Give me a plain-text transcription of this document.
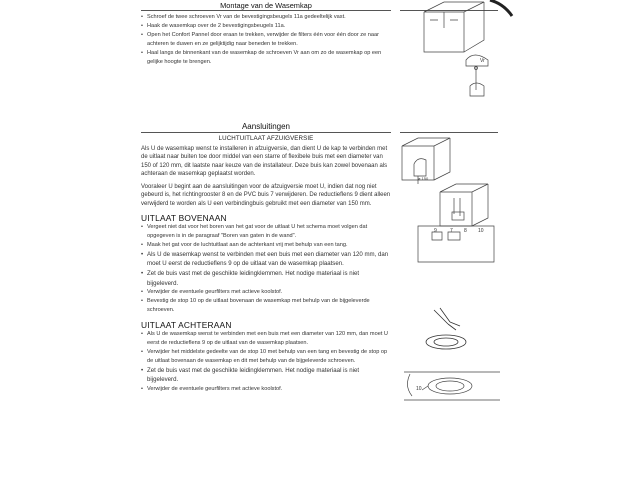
Montage van de Wasemkap
• Schroef de twee schroeven Vr van de bevestigingsbeugels 11a gedeeltelijk vast.
• Haak de wasemkap over de 2 bevestigingsbeugels 11a.
• Open het Confort Pannel door eraan te trekken, verwijder de filters één voor één door ze naar achteren te duwen en ze gelijktijdig naar beneden te trekken.
• Haal langs de binnenkant van de wasemkap de schroeven Vr aan om zo de wasemkap op een gelijke hoogte te brengen.
Aansluitingen

LUCHTUITLAAT AFZUIGVERSIE

Als U de wasemkap wenst te installeren in afzuigversie, dan dient U de kap te verbinden met de uitlaat naar buiten toe door middel van een starre of flexibele buis met een diameter van 150 of 120 mm, dit laatste naar keuze van de installateur. Deze buis kan zowel bovenaan als achteraan de wasemkap geplaatst worden.

Vooraleer U begint aan de aansluitingen voor de afzuigversie moet U, indien dat nog niet gebeurd is, het richtingrooster 8 en de PVC buis 7 verwijderen. De reductieflens 9 dient alleen verwijderd te worden als U een verbindingbuis gebruikt met een diameter van 150 mm.

UITLAAT BOVENAAN

• Vergeet niet dat voor het boren van het gat voor de uitlaat U het schema moet volgen dat opgegeven is in de paragraaf "Boren van gaten in de wand".
• Maak het gat voor de luchtuitlaat aan de achterkant vrij met behulp van een tang.
• Als U de wasemkap wenst te verbinden met een buis met een diameter van 120 mm, dan moet U eerst de reductieflens 9 op de uitlaat van de wasemkap plaatsen.
• Zet de buis vast met de geschikte leidingklemmen. Het nodige materiaal is niet bijgeleverd.
• Verwijder de eventuele geurfilters met actieve koolstof.
• Bevestig de stop 10 op de uitlaat bovenaan de wasemkap met behulp van de bijgeleverde schroeven.

UITLAAT ACHTERAAN

• Als U de wasemkap wenst te verbinden met een buis met een diameter van 120 mm, dan moet U eerst de reductieflens 9 op de uitlaat van de wasemkap plaatsen.
• Verwijder het middelste gedeelte van de stop 10 met behulp van een tang en bevestig de stop op de uitlaat bovenaan de wasemkap en dit met behulp van de bijgeleverde schroeven.
• Zet de buis vast met de geschikte leidingklemmen. Het nodige materiaal is niet bijgeleverd.
• Verwijder de eventuele geurfilters met actieve koolstof.
Vr
ø 150
9	7 8 10
10
